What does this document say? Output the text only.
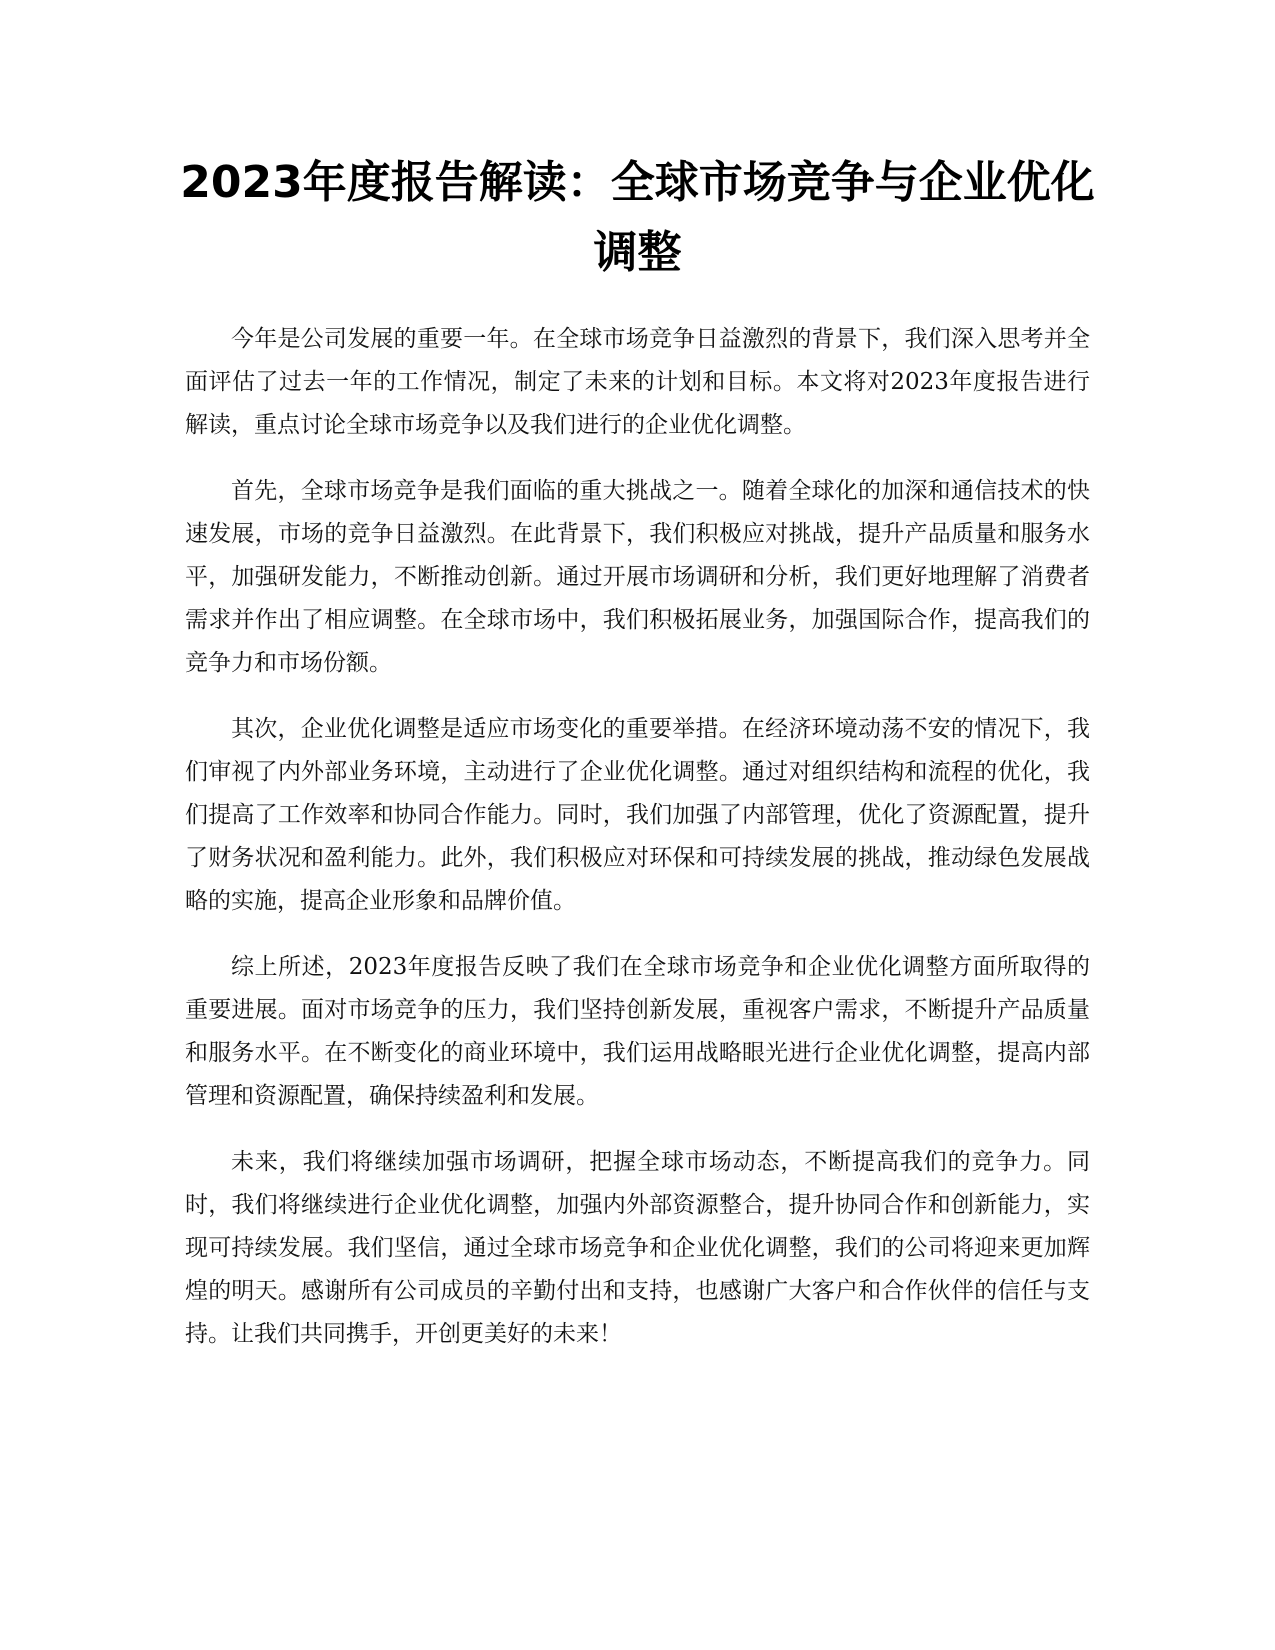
2023年度报告解读：全球市场竞争与企业优化调整

今年是公司发展的重要一年。在全球市场竞争日益激烈的背景下，我们深入思考并全面评估了过去一年的工作情况，制定了未来的计划和目标。本文将对2023年度报告进行解读，重点讨论全球市场竞争以及我们进行的企业优化调整。

首先，全球市场竞争是我们面临的重大挑战之一。随着全球化的加深和通信技术的快速发展，市场的竞争日益激烈。在此背景下，我们积极应对挑战，提升产品质量和服务水平，加强研发能力，不断推动创新。通过开展市场调研和分析，我们更好地理解了消费者需求并作出了相应调整。在全球市场中，我们积极拓展业务，加强国际合作，提高我们的竞争力和市场份额。

其次，企业优化调整是适应市场变化的重要举措。在经济环境动荡不安的情况下，我们审视了内外部业务环境，主动进行了企业优化调整。通过对组织结构和流程的优化，我们提高了工作效率和协同合作能力。同时，我们加强了内部管理，优化了资源配置，提升了财务状况和盈利能力。此外，我们积极应对环保和可持续发展的挑战，推动绿色发展战略的实施，提高企业形象和品牌价值。

综上所述，2023年度报告反映了我们在全球市场竞争和企业优化调整方面所取得的重要进展。面对市场竞争的压力，我们坚持创新发展，重视客户需求，不断提升产品质量和服务水平。在不断变化的商业环境中，我们运用战略眼光进行企业优化调整，提高内部管理和资源配置，确保持续盈利和发展。

未来，我们将继续加强市场调研，把握全球市场动态，不断提高我们的竞争力。同时，我们将继续进行企业优化调整，加强内外部资源整合，提升协同合作和创新能力，实现可持续发展。我们坚信，通过全球市场竞争和企业优化调整，我们的公司将迎来更加辉煌的明天。感谢所有公司成员的辛勤付出和支持，也感谢广大客户和合作伙伴的信任与支持。让我们共同携手，开创更美好的未来！
